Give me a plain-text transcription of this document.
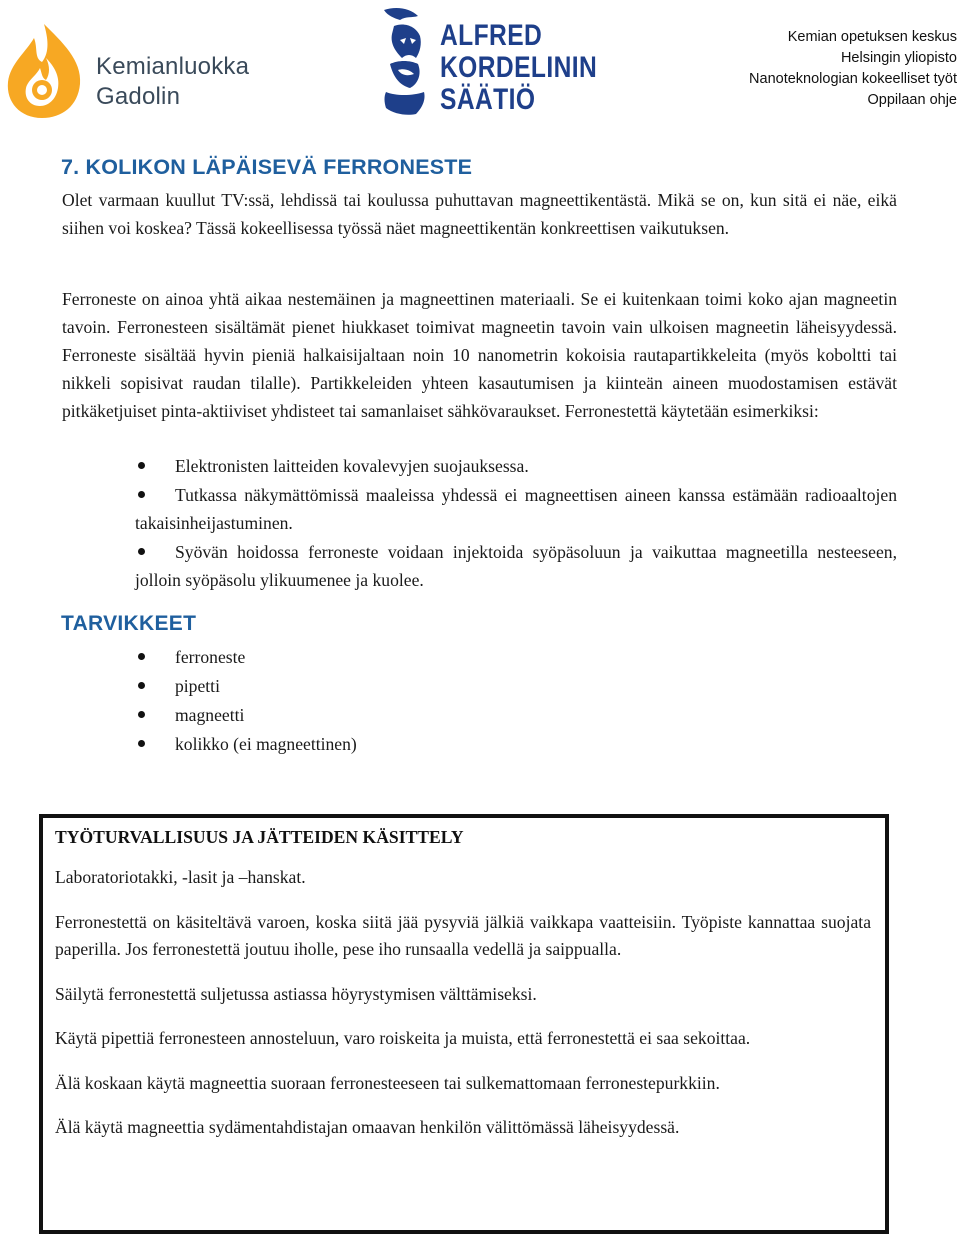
Kemianluokka
Gadolin
ALFRED
KORDELININ
SÄÄTIÖ
Kemian opetuksen keskus
Helsingin yliopisto
Nanoteknologian kokeelliset työt
Oppilaan ohje
7. KOLIKON LÄPÄISEVÄ FERRONESTE

Olet varmaan kuullut TV:ssä, lehdissä tai koulussa puhuttavan magneettikentästä. Mikä se on, kun sitä ei näe, eikä siihen voi koskea? Tässä kokeellisessa työssä näet magneettikentän konkreettisen vaikutuksen.

Ferroneste on ainoa yhtä aikaa nestemäinen ja magneettinen materiaali. Se ei kuitenkaan toimi koko ajan magneetin tavoin. Ferronesteen sisältämät pienet hiukkaset toimivat magneetin tavoin vain ulkoisen magneetin läheisyydessä. Ferroneste sisältää hyvin pieniä halkaisijaltaan noin 10 nanometrin kokoisia rautapartikkeleita (myös koboltti tai nikkeli sopisivat raudan tilalle). Partikkeleiden yhteen kasautumisen ja kiinteän aineen muodostamisen estävät pitkäketjuiset pinta-aktiiviset yhdisteet tai samanlaiset sähkövaraukset. Ferronestettä käytetään esimerkiksi:

Elektronisten laitteiden kovalevyjen suojauksessa.
Tutkassa näkymättömissä maaleissa yhdessä ei magneettisen aineen kanssa estämään radioaaltojen takaisinheijastuminen.
Syövän hoidossa ferroneste voidaan injektoida syöpäsoluun ja vaikuttaa magneetilla nesteeseen, jolloin syöpäsolu ylikuumenee ja kuolee.
TARVIKKEET
ferroneste
pipetti
magneetti
kolikko (ei magneettinen)

TYÖTURVALLISUUS JA JÄTTEIDEN KÄSITTELY

Laboratoriotakki, -lasit ja –hanskat.

Ferronestettä on käsiteltävä varoen, koska siitä jää pysyviä jälkiä vaikkapa vaatteisiin. Työpiste kannattaa suojata paperilla. Jos ferronestettä joutuu iholle, pese iho runsaalla vedellä ja saippualla.

Säilytä ferronestettä suljetussa astiassa höyrystymisen välttämiseksi.

Käytä pipettiä ferronesteen annosteluun, varo roiskeita ja muista, että ferronestettä ei saa sekoittaa.

Älä koskaan käytä magneettia suoraan ferronesteeseen tai sulkemattomaan ferronestepurkkiin.

Älä käytä magneettia sydämentahdistajan omaavan henkilön välittömässä läheisyydessä.
